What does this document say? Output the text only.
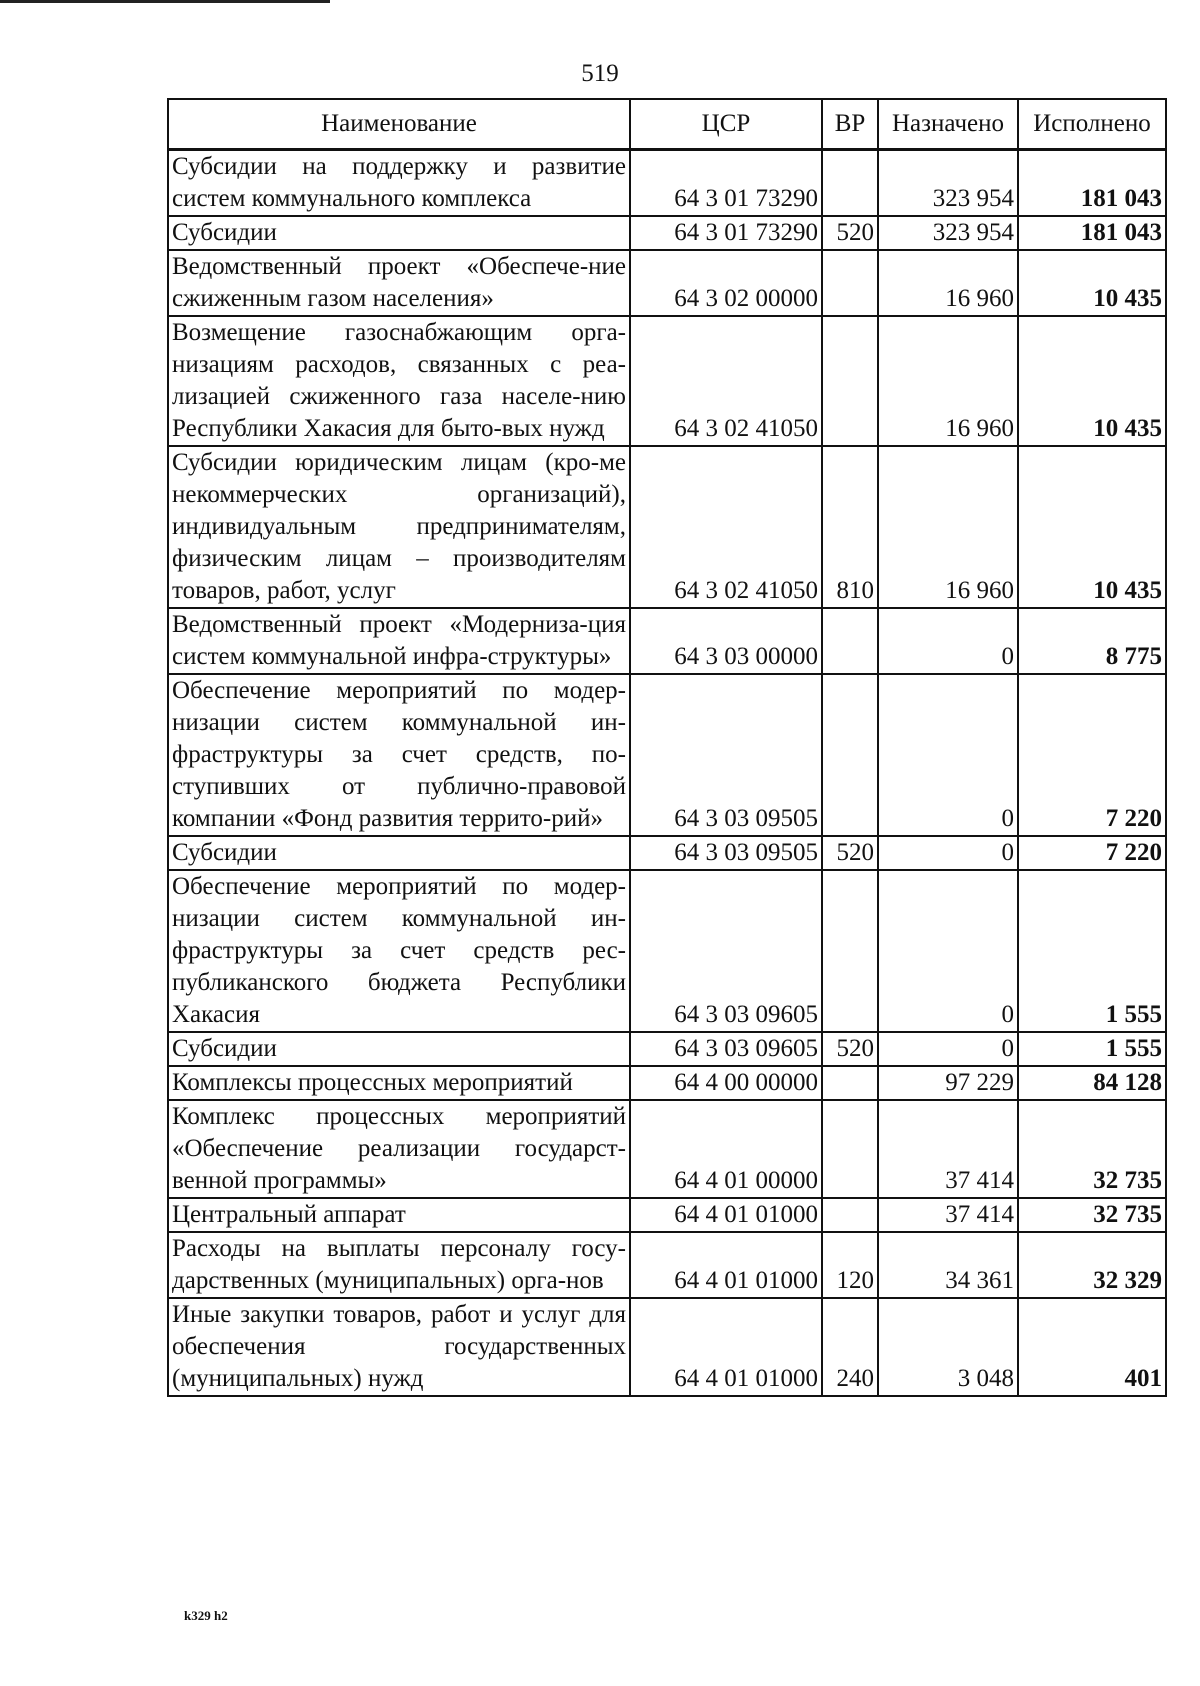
519
Наименование	ЦСР	ВР	Назначено	Исполнено
Субсидии на поддержку и развитие систем коммунального комплекса	64 3 01 73290		323 954	181 043
Субсидии	64 3 01 73290	520	323 954	181 043
Ведомственный проект «Обеспече-ние сжиженным газом населения»	64 3 02 00000		16 960	10 435
Возмещение газоснабжающим орга-низациям расходов, связанных с реа-лизацией сжиженного газа населе-нию Республики Хакасия для быто-вых нужд	64 3 02 41050		16 960	10 435
Субсидии юридическим лицам (кро-ме некоммерческих организаций), индивидуальным предпринимателям, физическим лицам – производителям товаров, работ, услуг	64 3 02 41050	810	16 960	10 435
Ведомственный проект «Модерниза-ция систем коммунальной инфра-структуры»	64 3 03 00000		0	8 775
Обеспечение мероприятий по модер-низации систем коммунальной ин-фраструктуры за счет средств, по-ступивших от публично-правовой компании «Фонд развития террито-рий»	64 3 03 09505		0	7 220
Субсидии	64 3 03 09505	520	0	7 220
Обеспечение мероприятий по модер-низации систем коммунальной ин-фраструктуры за счет средств рес-публиканского бюджета Республики Хакасия	64 3 03 09605		0	1 555
Субсидии	64 3 03 09605	520	0	1 555
Комплексы процессных мероприятий	64 4 00 00000		97 229	84 128
Комплекс процессных мероприятий «Обеспечение реализации государст-венной программы»	64 4 01 00000		37 414	32 735
Центральный аппарат	64 4 01 01000		37 414	32 735
Расходы на выплаты персоналу госу-дарственных (муниципальных) орга-нов	64 4 01 01000	120	34 361	32 329
Иные закупки товаров, работ и услуг для обеспечения государственных (муниципальных) нужд	64 4 01 01000	240	3 048	401
k329 h2
